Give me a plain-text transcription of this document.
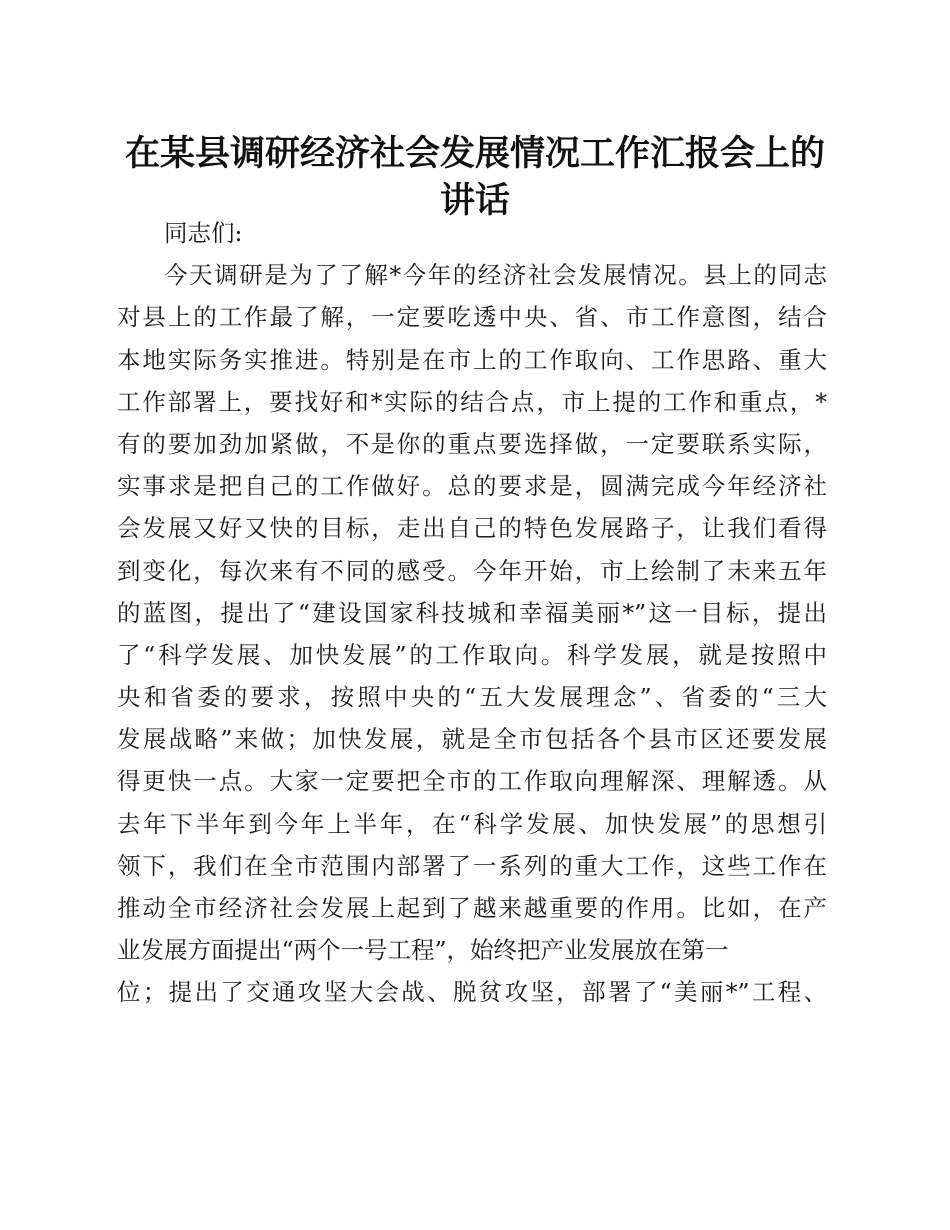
在某县调研经济社会发展情况工作汇报会上的
讲话
同志们:
今天调研是为了了解*今年的经济社会发展情况。县上的同志
对县上的工作最了解，一定要吃透中央、省、市工作意图，结合
本地实际务实推进。特别是在市上的工作取向、工作思路、重大
工作部署上，要找好和*实际的结合点，市上提的工作和重点，*
有的要加劲加紧做，不是你的重点要选择做，一定要联系实际，
实事求是把自己的工作做好。总的要求是，圆满完成今年经济社
会发展又好又快的目标，走出自己的特色发展路子，让我们看得
到变化，每次来有不同的感受。今年开始，市上绘制了未来五年
的蓝图，提出了“建设国家科技城和幸福美丽*”这一目标，提出
了“科学发展、加快发展”的工作取向。科学发展，就是按照中
央和省委的要求，按照中央的“五大发展理念”、省委的“三大
发展战略”来做；加快发展，就是全市包括各个县市区还要发展
得更快一点。大家一定要把全市的工作取向理解深、理解透。从
去年下半年到今年上半年，在“科学发展、加快发展”的思想引
领下，我们在全市范围内部署了一系列的重大工作，这些工作在
推动全市经济社会发展上起到了越来越重要的作用。比如，在产
业发展方面提出“两个一号工程”，始终把产业发展放在第一
位；提出了交通攻坚大会战、脱贫攻坚，部署了“美丽*”工程、
